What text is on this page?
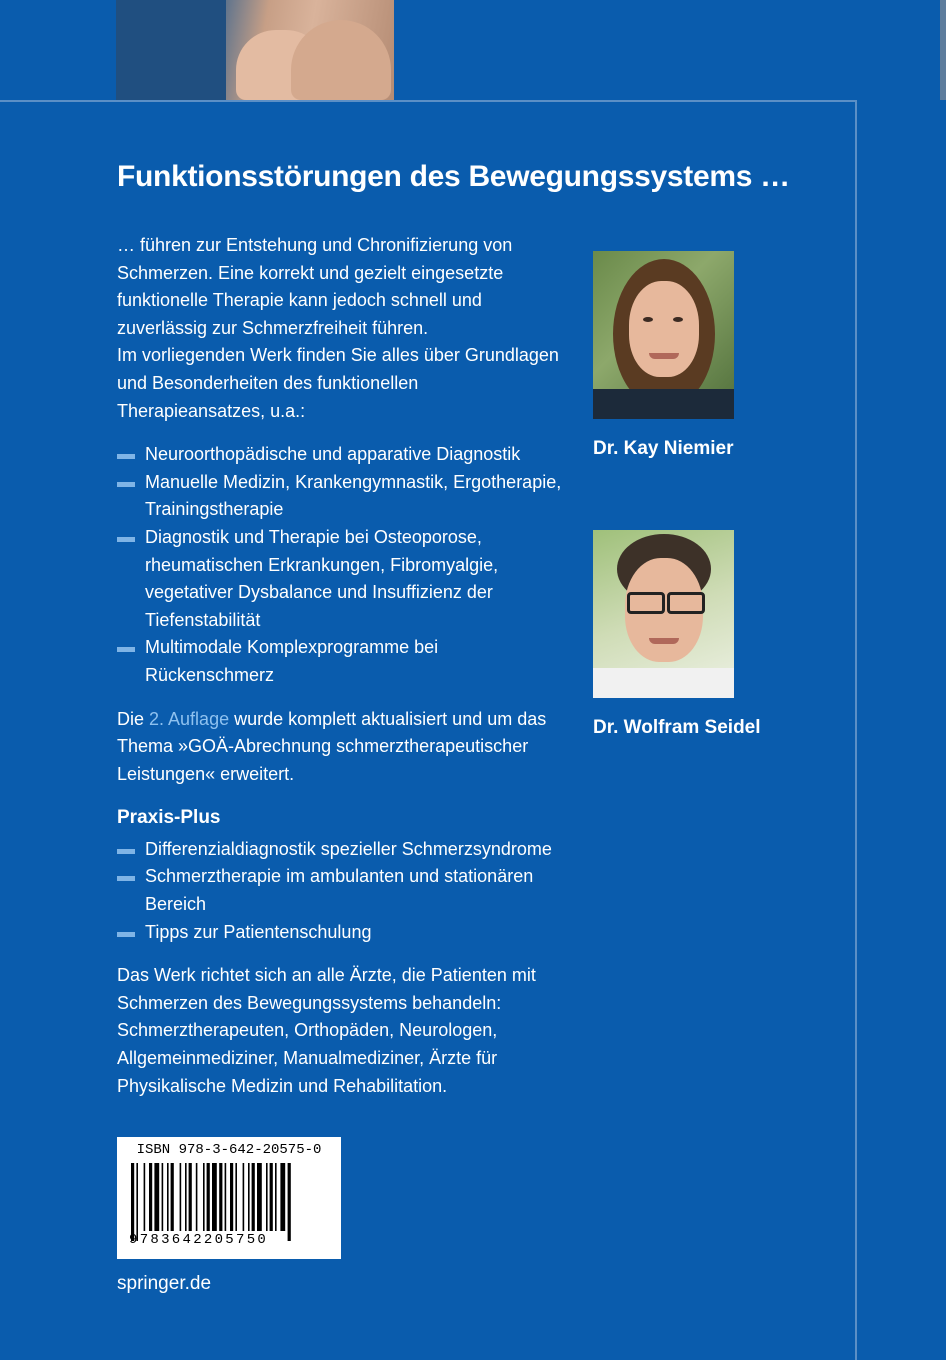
Funktionsstörungen des Bewegungssystems …

… führen zur Entstehung und Chronifizierung von Schmerzen. Eine korrekt und gezielt eingesetzte funktionelle Therapie kann jedoch schnell und zuverlässig zur Schmerzfreiheit führen.

Im vorliegenden Werk finden Sie alles über Grundlagen und Besonderheiten des funktionellen Therapieansatzes, u.a.:

Neuroorthopädische und apparative Diagnostik
Manuelle Medizin, Krankengymnastik, Ergotherapie, Trainingstherapie
Diagnostik und Therapie bei Osteoporose, rheumatischen Erkrankungen, Fibromyalgie, vegetativer Dysbalance und Insuffizienz der Tiefenstabilität
Multimodale Komplexprogramme bei Rückenschmerz

Die 2. Auflage wurde komplett aktualisiert und um das Thema »GOÄ-Abrechnung schmerztherapeutischer Leistungen« erweitert.

Praxis-Plus

Differenzialdiagnostik spezieller Schmerzsyndrome
Schmerztherapie im ambulanten und stationären Bereich
Tipps zur Patientenschulung

Das Werk richtet sich an alle Ärzte, die Patienten mit Schmerzen des Bewegungssystems behandeln: Schmerztherapeuten, Orthopäden, Neurologen, Allgemeinmediziner, Manualmediziner, Ärzte für Physikalische Medizin und Rehabilitation.

Dr. Kay Niemier
Dr. Wolfram Seidel
ISBN 978-3-642-20575-0
9783642205750
springer.de
